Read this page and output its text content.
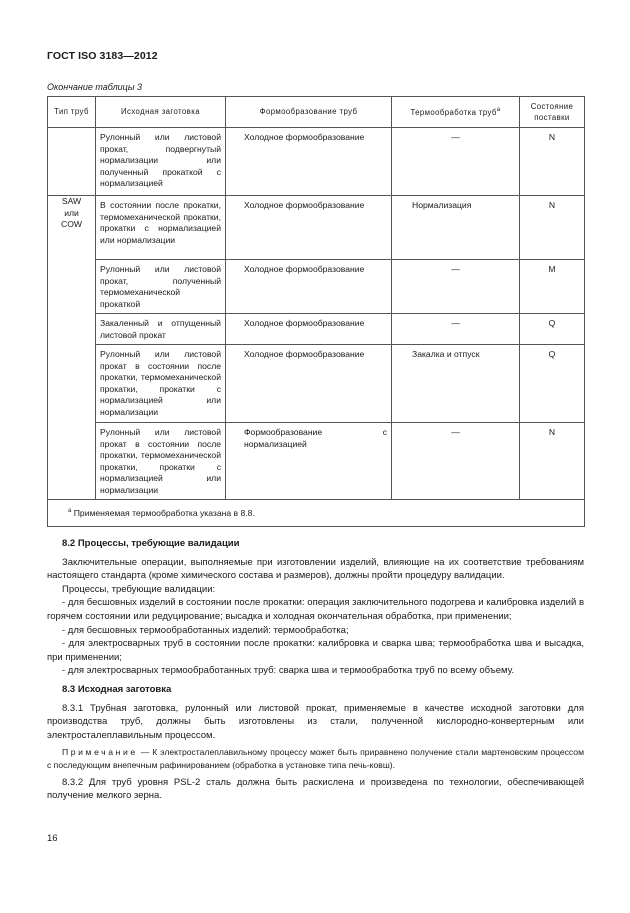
ГОСТ ISO 3183—2012
Окончание таблицы 3
Тип труб	Исходная заготовка	Формообразование труб	Термообработка труб$^a$	Состояние поставки
	Рулонный или листовой прокат, подвергнутый нормализации или полученный прокаткой с нормализацией	Холодное формообразование	—	N
SAW
или
COW	В состоянии после прокатки, термомеханической прокатки, прокатки с нормализацией или нормализации	Холодное формообразование	Нормализация	N
	Рулонный или листовой прокат, полученный термомеханической прокаткой	Холодное формообразование	—	M
	Закаленный и отпущенный листовой прокат	Холодное формообразование	—	Q
	Рулонный или листовой прокат в состоянии после прокатки, термомеханической прокатки, прокатки с нормализацией или нормализации	Холодное формообразование	Закалка и отпуск	Q
	Рулонный или листовой прокат в состоянии после прокатки, термомеханической прокатки, прокатки с нормализацией или нормализации	Формообразование с нормализацией	—	N
$^a$ Применяемая термообработка указана в 8.8.				
8.2 Процессы, требующие валидации

Заключительные операции, выполняемые при изготовлении изделий, влияющие на их соответствие требованиям настоящего стандарта (кроме химического состава и размеров), должны пройти процедуру валидации.

Процессы, требующие валидации:

- для бесшовных изделий в состоянии после прокатки: операция заключительного подогрева и калибровка изделий в горячем состоянии или редуцирование; высадка и холодная окончательная обработка, при применении;

- для бесшовных термообработанных изделий: термообработка;

- для электросварных труб в состоянии после прокатки: калибровка и сварка шва; термообработка шва и высадка, при применении;

- для электросварных термообработанных труб: сварка шва и термообработка труб по всему объему.

8.3 Исходная заготовка

8.3.1 Трубная заготовка, рулонный или листовой прокат, применяемые в качестве исходной заготовки для производства труб, должны быть изготовлены из стали, полученной кислородно-конвертерным или электросталеплавильным процессом.

Примечание — К электросталеплавильному процессу может быть приравнено получение стали мартеновским процессом с последующим внепечным рафинированием (обработка в установке типа печь-ковш).

8.3.2 Для труб уровня PSL-2 сталь должна быть раскислена и произведена по технологии, обеспечивающей получение мелкого зерна.

16
